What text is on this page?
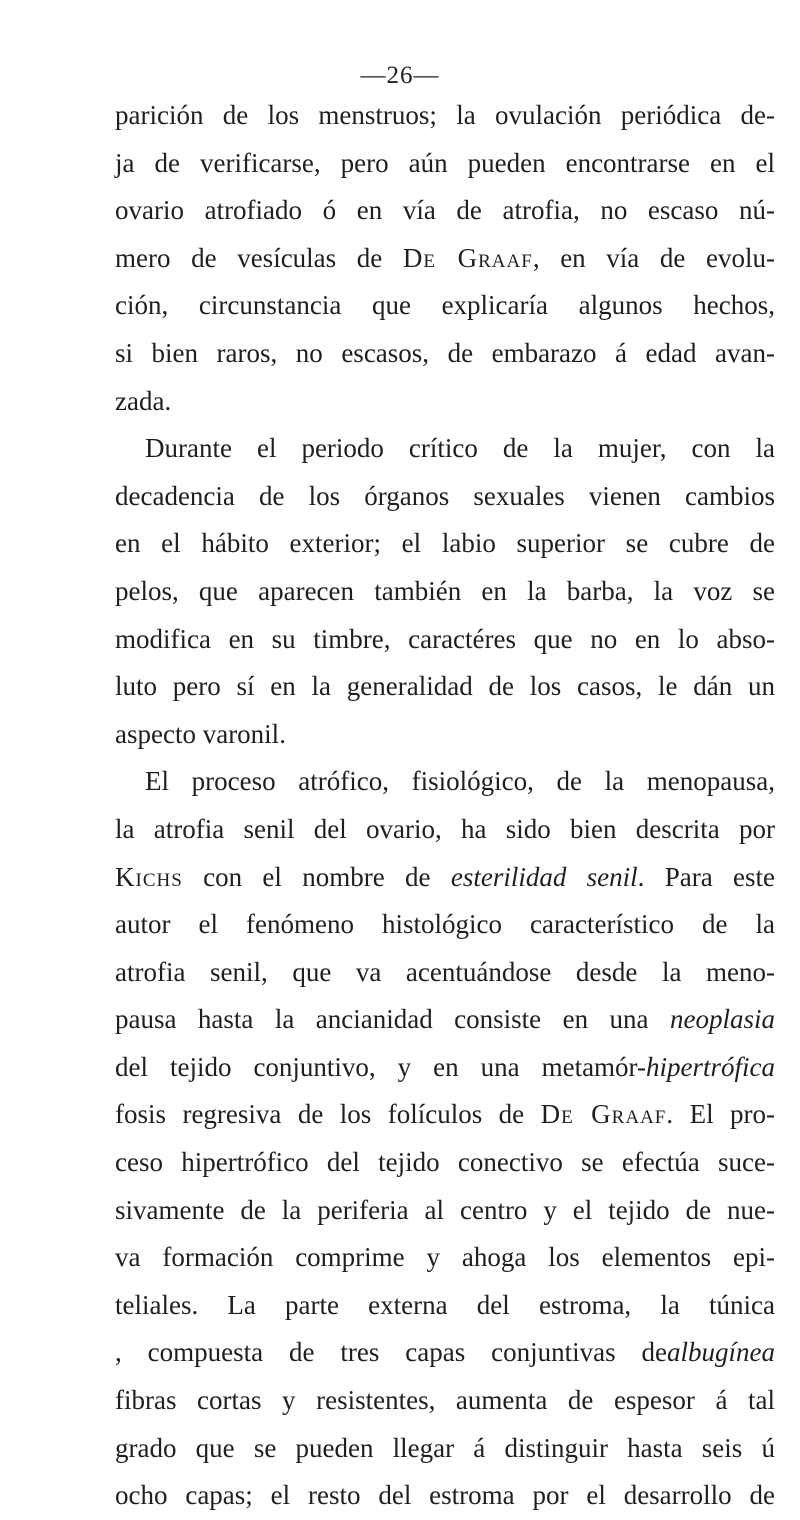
—26—
parición de los menstruos; la ovulación periódica de-
ja de verificarse, pero aún pueden encontrarse en el
ovario atrofiado ó en vía de atrofia, no escaso nú-
mero de vesículas de De Graaf, en vía de evolu-
ción, circunstancia que explicaría algunos hechos,
si bien raros, no escasos, de embarazo á edad avan-
zada.
Durante el periodo crítico de la mujer, con la
decadencia de los órganos sexuales vienen cambios
en el hábito exterior; el labio superior se cubre de
pelos, que aparecen también en la barba, la voz se
modifica en su timbre, caractéres que no en lo abso-
luto pero sí en la generalidad de los casos, le dán un
aspecto varonil.
El proceso atrófico, fisiológico, de la menopausa,
la atrofia senil del ovario, ha sido bien descrita por
Kichs con el nombre de esterilidad senil. Para este
autor el fenómeno histológico característico de la
atrofia senil, que va acentuándose desde la meno-
pausa hasta la ancianidad consiste en una neoplasia
del tejido conjuntivo, y en una metamór-hipertrófica
fosis regresiva de los folículos de De Graaf. El pro-
ceso hipertrófico del tejido conectivo se efectúa suce-
sivamente de la periferia al centro y el tejido de nue-
va formación comprime y ahoga los elementos epi-
teliales. La parte externa del estroma, la túnica
, compuesta de tres capas conjuntivas dealbugínea
fibras cortas y resistentes, aumenta de espesor á tal
grado que se pueden llegar á distinguir hasta seis ú
ocho capas; el resto del estroma por el desarrollo de
